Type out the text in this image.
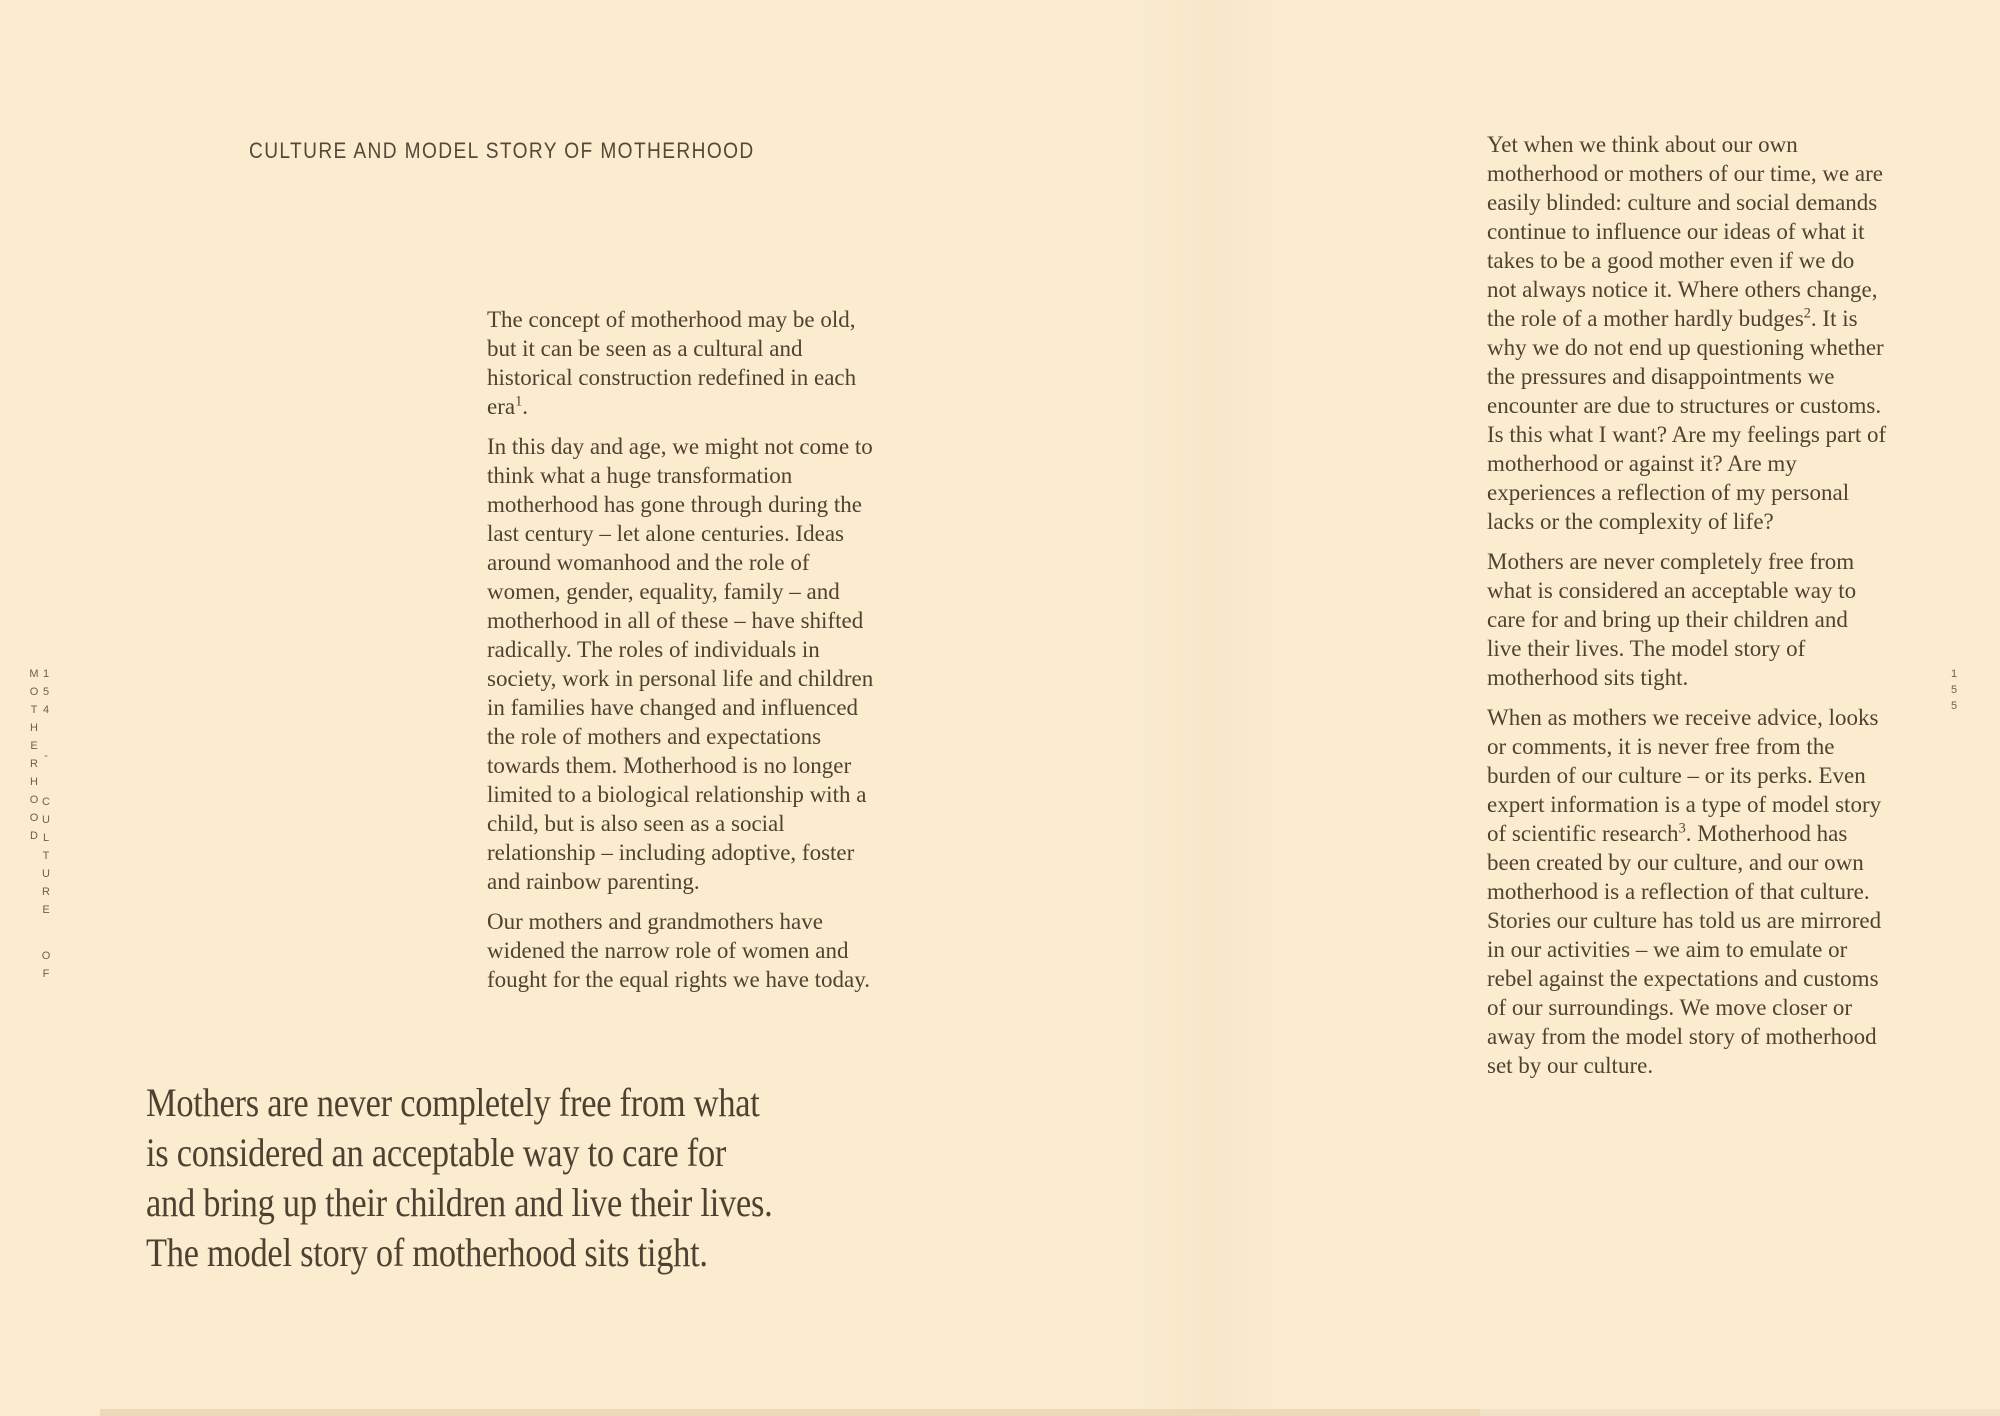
CULTURE AND MODEL STORY OF MOTHERHOOD
154 - CULTURE OF MOTHERHOOD

The concept of motherhood may be old, but it can be seen as a cultural and historical construction redefined in each era$^1$.

In this day and age, we might not come to think what a huge transformation motherhood has gone through during the last century – let alone centuries. Ideas around womanhood and the role of women, gender, equality, family – and motherhood in all of these – have shifted radically. The roles of individuals in society, work in personal life and children in families have changed and influenced the role of mothers and expectations towards them. Motherhood is no longer limited to a biological relationship with a child, but is also seen as a social relationship – including adoptive, foster and rainbow parenting.

Our mothers and grandmothers have widened the narrow role of women and fought for the equal rights we have today.

Mothers are never completely free from what
is considered an acceptable way to care for
and bring up their children and live their lives.
The model story of motherhood sits tight.

Yet when we think about our own motherhood or mothers of our time, we are easily blinded: culture and social demands continue to influence our ideas of what it takes to be a good mother even if we do not always notice it. Where others change, the role of a mother hardly budges$^2$. It is why we do not end up questioning whether the pressures and disappointments we encounter are due to structures or customs. Is this what I want? Are my feelings part of motherhood or against it? Are my experiences a reflection of my personal lacks or the complexity of life?

Mothers are never completely free from what is considered an acceptable way to care for and bring up their children and live their lives. The model story of motherhood sits tight.

When as mothers we receive advice, looks or comments, it is never free from the burden of our culture – or its perks. Even expert information is a type of model story of scientific research$^3$. Motherhood has been created by our culture, and our own motherhood is a reflection of that culture. Stories our culture has told us are mirrored in our activities – we aim to emulate or rebel against the expectations and customs of our surroundings. We move closer or away from the model story of motherhood set by our culture.

155
